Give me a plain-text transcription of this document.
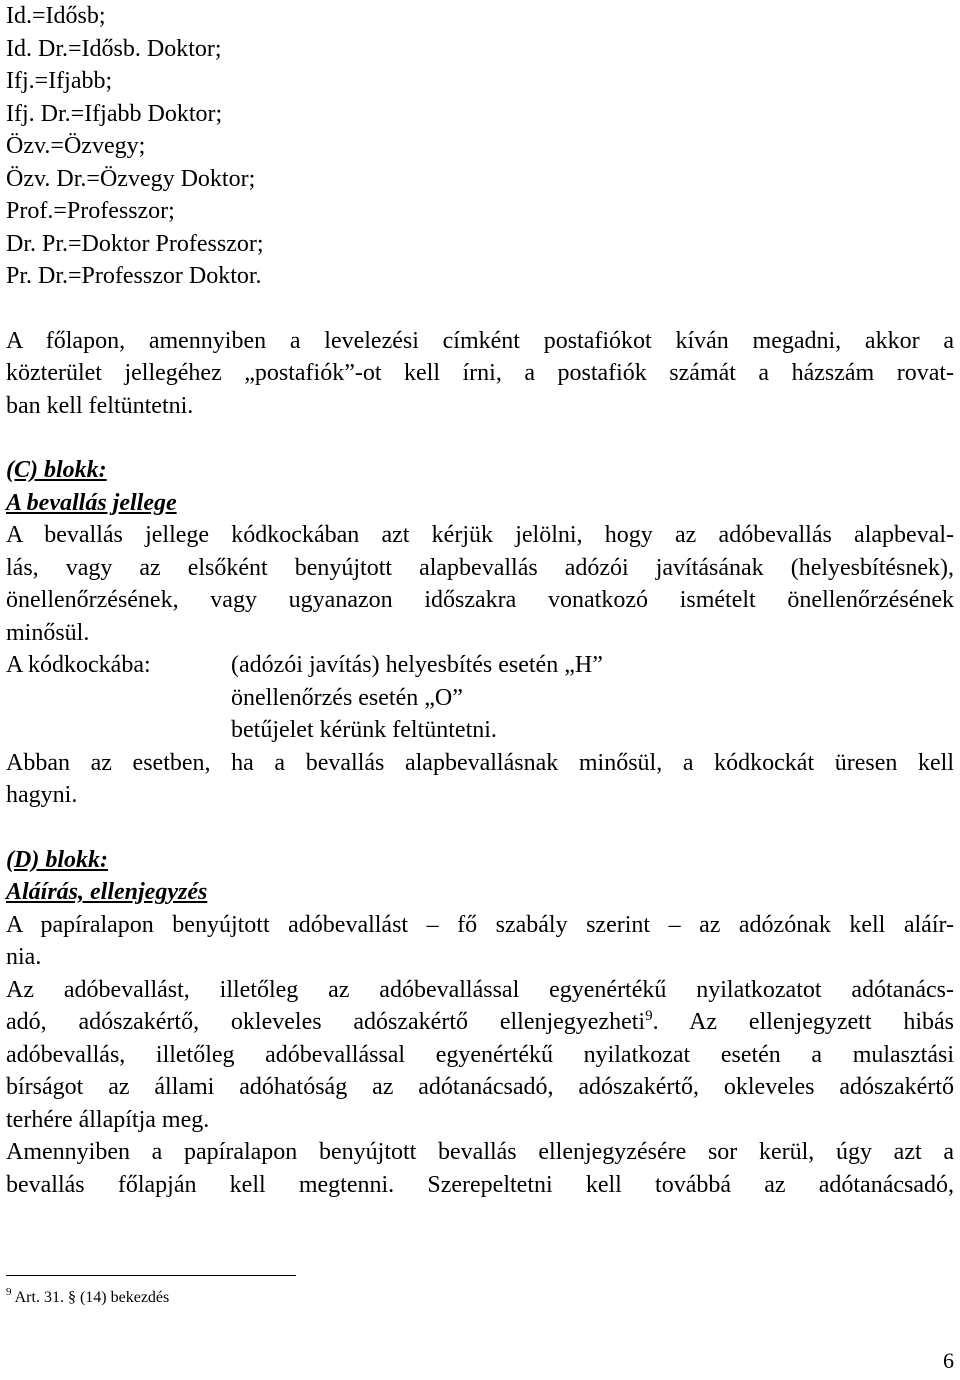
Id.=Idősb;
Id. Dr.=Idősb. Doktor;
Ifj.=Ifjabb;
Ifj. Dr.=Ifjabb Doktor;
Özv.=Özvegy;
Özv. Dr.=Özvegy Doktor;
Prof.=Professzor;
Dr. Pr.=Doktor Professzor;
Pr. Dr.=Professzor Doktor.
A főlapon, amennyiben a levelezési címként postafiókot kíván megadni, akkor a
közterület jellegéhez „postafiók”-ot kell írni, a postafiók számát a házszám rovat-
ban kell feltüntetni.
(C) blokk:
A bevallás jellege
A bevallás jellege kódkockában azt kérjük jelölni, hogy az adóbevallás alapbeval-
lás, vagy az elsőként benyújtott alapbevallás adózói javításának (helyesbítésnek),
önellenőrzésének, vagy ugyanazon időszakra vonatkozó ismételt önellenőrzésének
minősül.
A kódkockába:	(adózói javítás) helyesbítés esetén „H”
önellenőrzés esetén „O”
betűjelet kérünk feltüntetni.
Abban az esetben, ha a bevallás alapbevallásnak minősül, a kódkockát üresen kell
hagyni.
(D) blokk:
Aláírás, ellenjegyzés
A papíralapon benyújtott adóbevallást – fő szabály szerint – az adózónak kell aláír-
nia.
Az adóbevallást, illetőleg az adóbevallással egyenértékű nyilatkozatot adótanács-
adó, adószakértő, okleveles adószakértő ellenjegyezheti$^9$. Az ellenjegyzett hibás
adóbevallás, illetőleg adóbevallással egyenértékű nyilatkozat esetén a mulasztási
bírságot az állami adóhatóság az adótanácsadó, adószakértő, okleveles adószakértő
terhére állapítja meg.
Amennyiben a papíralapon benyújtott bevallás ellenjegyzésére sor kerül, úgy azt a
bevallás főlapján kell megtenni. Szerepeltetni kell továbbá az adótanácsadó,
$^9$ Art. 31. § (14) bekezdés
6
